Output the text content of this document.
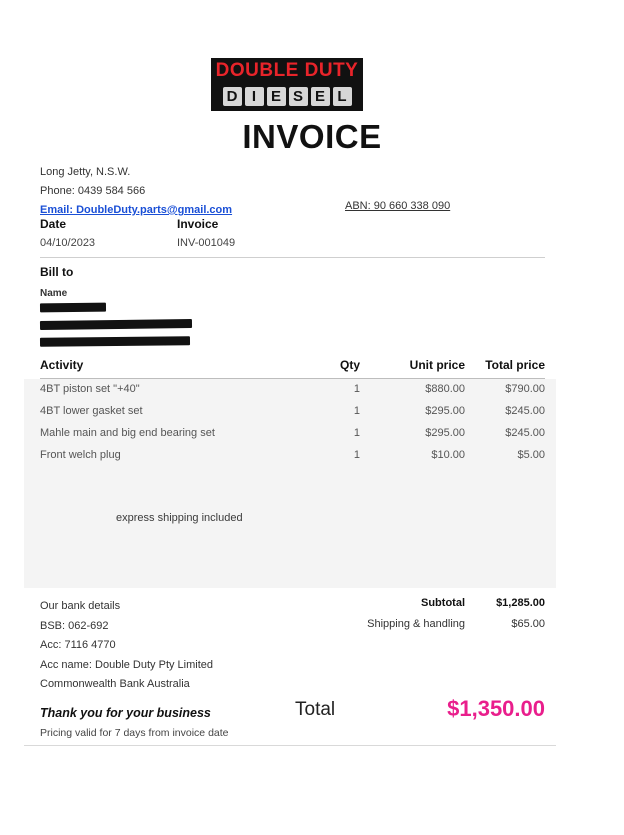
DOUBLE DUTY
D I E S E L
INVOICE
Long Jetty, N.S.W.
Phone: 0439 584 566
Email: DoubleDuty.parts@gmail.com	ABN: 90 660 338 090
Date	Invoice
04/10/2023	INV-001049
Bill to
Name
Activity	Qty	Unit price	Total price
4BT piston set "+40"	1	$880.00	$790.00
4BT lower gasket set	1	$295.00	$245.00
Mahle main and big end bearing set	1	$295.00	$245.00
Front welch plug	1	$10.00	$5.00
express shipping included
Our bank details
BSB: 062-692
Acc: 7116 4770
Acc name: Double Duty Pty Limited
Commonwealth Bank Australia
Subtotal	$1,285.00
Shipping & handling	$65.00
Total	$1,350.00
Thank you for your business
Pricing valid for 7 days from invoice date
